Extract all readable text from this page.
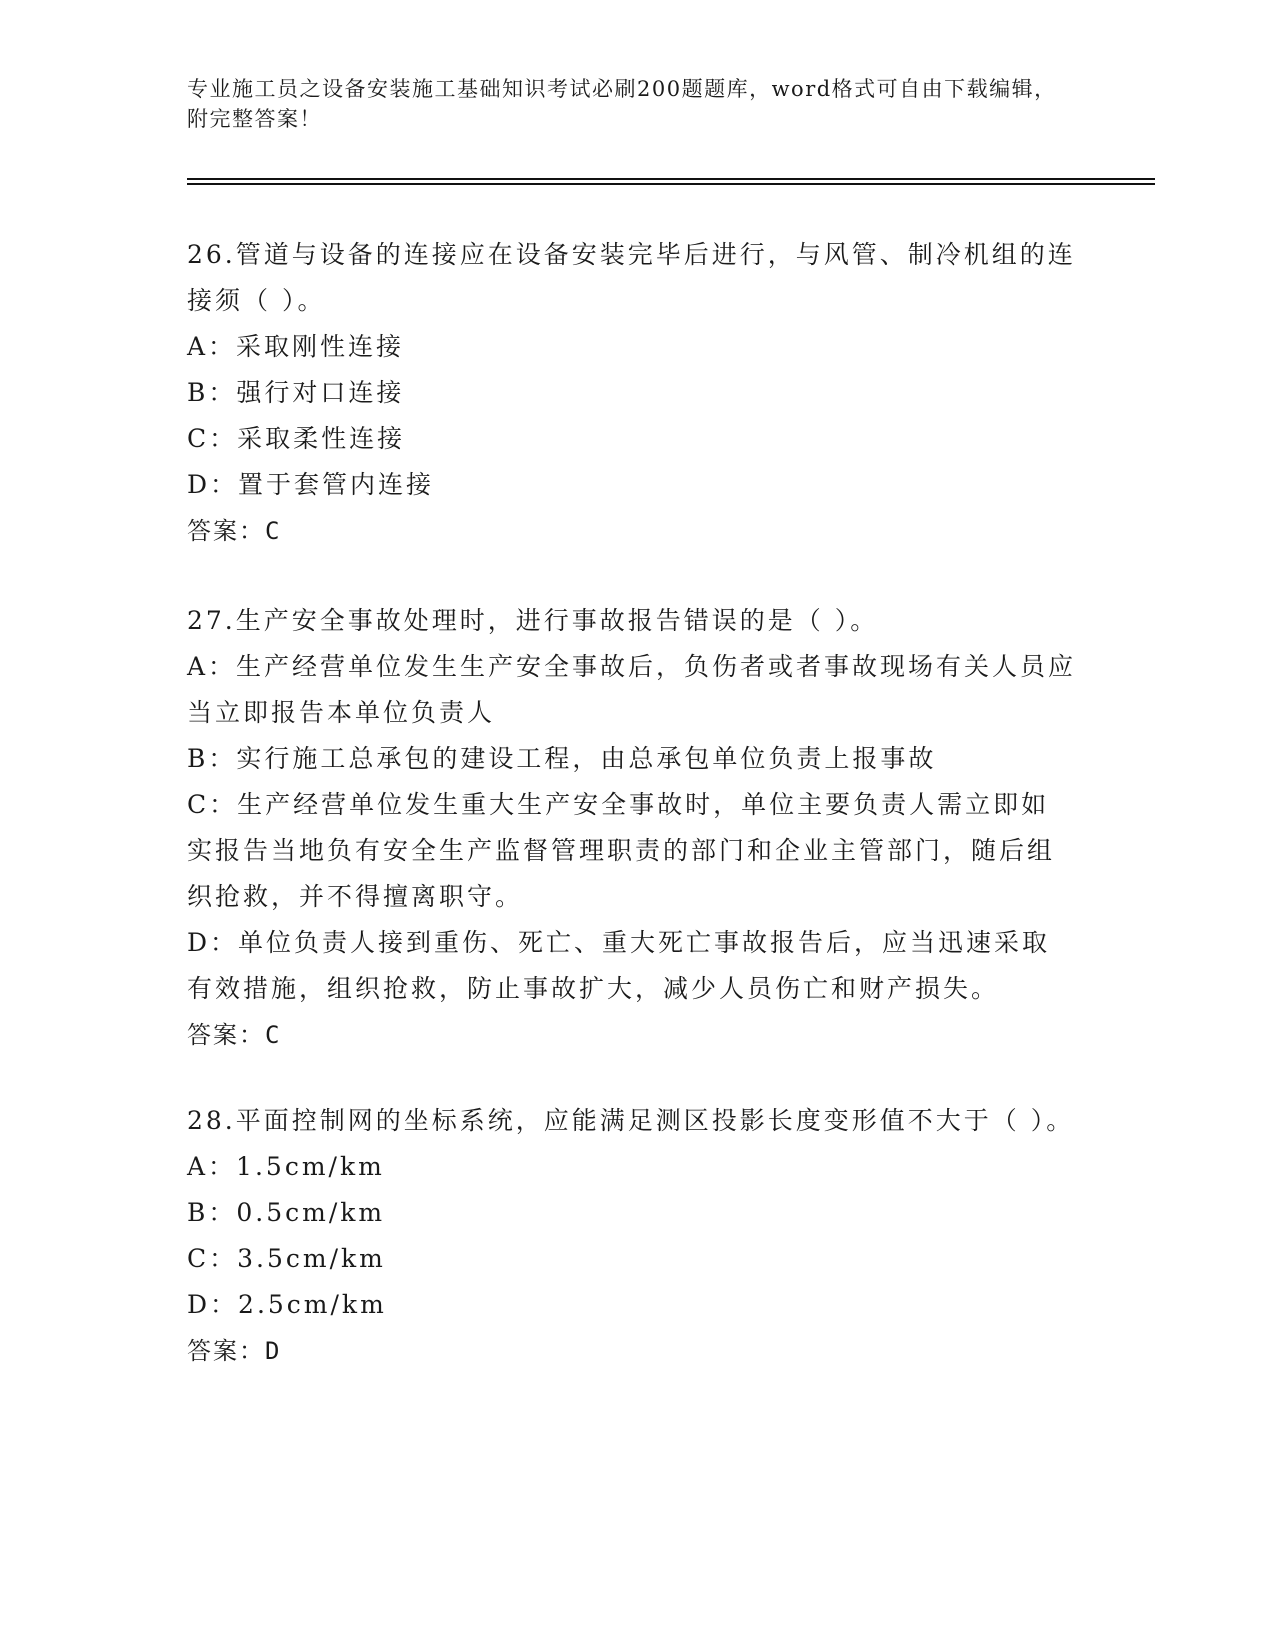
专业施工员之设备安装施工基础知识考试必刷200题题库，word格式可自由下载编辑，附完整答案！

26.管道与设备的连接应在设备安装完毕后进行，与风管、制冷机组的连接须（ ）。

A：采取刚性连接

B：强行对口连接

C：采取柔性连接

D：置于套管内连接

答案：C

27.生产安全事故处理时，进行事故报告错误的是（ ）。

A：生产经营单位发生生产安全事故后，负伤者或者事故现场有关人员应当立即报告本单位负责人

B：实行施工总承包的建设工程，由总承包单位负责上报事故

C：生产经营单位发生重大生产安全事故时，单位主要负责人需立即如实报告当地负有安全生产监督管理职责的部门和企业主管部门，随后组织抢救，并不得擅离职守。

D：单位负责人接到重伤、死亡、重大死亡事故报告后，应当迅速采取有效措施，组织抢救，防止事故扩大，减少人员伤亡和财产损失。

答案：C

28.平面控制网的坐标系统，应能满足测区投影长度变形值不大于（ ）。

A：1.5cm/km

B：0.5cm/km

C：3.5cm/km

D：2.5cm/km

答案：D
